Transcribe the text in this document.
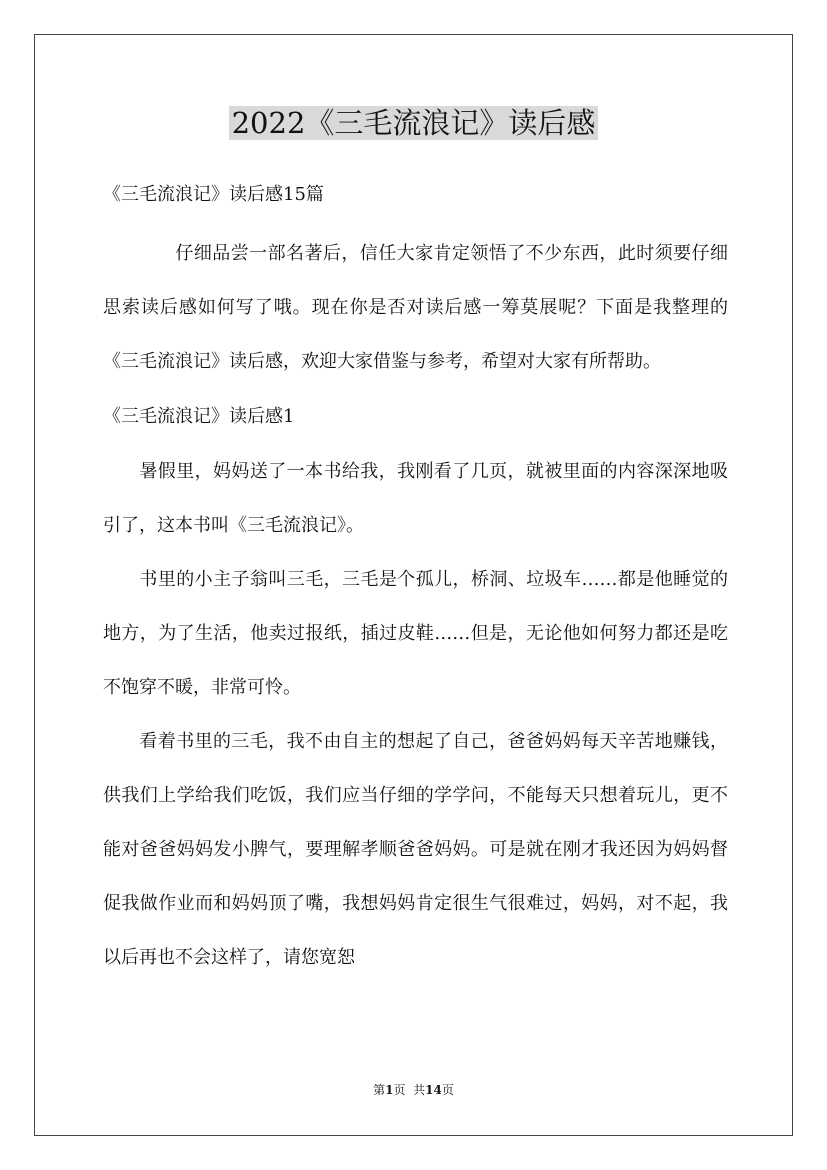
2022《三毛流浪记》读后感

《三毛流浪记》读后感15篇

仔细品尝一部名著后，信任大家肯定领悟了不少东西，此时须要仔细思索读后感如何写了哦。现在你是否对读后感一筹莫展呢？下面是我整理的《三毛流浪记》读后感，欢迎大家借鉴与参考，希望对大家有所帮助。

《三毛流浪记》读后感1

暑假里，妈妈送了一本书给我，我刚看了几页，就被里面的内容深深地吸引了，这本书叫《三毛流浪记》。

书里的小主子翁叫三毛，三毛是个孤儿，桥洞、垃圾车……都是他睡觉的地方，为了生活，他卖过报纸，插过皮鞋……但是，无论他如何努力都还是吃不饱穿不暖，非常可怜。

看着书里的三毛，我不由自主的想起了自己，爸爸妈妈每天辛苦地赚钱，供我们上学给我们吃饭，我们应当仔细的学学问，不能每天只想着玩儿，更不能对爸爸妈妈发小脾气，要理解孝顺爸爸妈妈。可是就在刚才我还因为妈妈督促我做作业而和妈妈顶了嘴，我想妈妈肯定很生气很难过，妈妈，对不起，我以后再也不会这样了，请您宽恕

第1页  共14页
